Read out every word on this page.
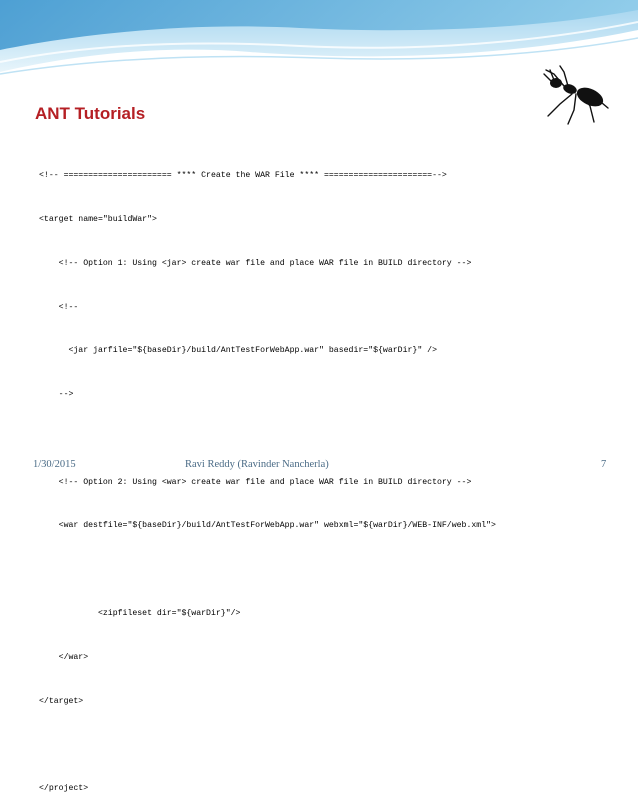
ANT Tutorials

<!-- ====================== **** Create the WAR File **** ======================-->

<target name="buildWar">

<!-- Option 1: Using <jar> create war file and place WAR file in BUILD directory -->

<!--

<jar jarfile="${baseDir}/build/AntTestForWebApp.war" basedir="${warDir}" />

-->

<!-- Option 2: Using <war> create war file and place WAR file in BUILD directory -->

<war destfile="${baseDir}/build/AntTestForWebApp.war" webxml="${warDir}/WEB-INF/web.xml">

<zipfileset dir="${warDir}"/>

</war>

</target>

</project>

1/30/2015	Ravi Reddy (Ravinder Nancherla)	7
